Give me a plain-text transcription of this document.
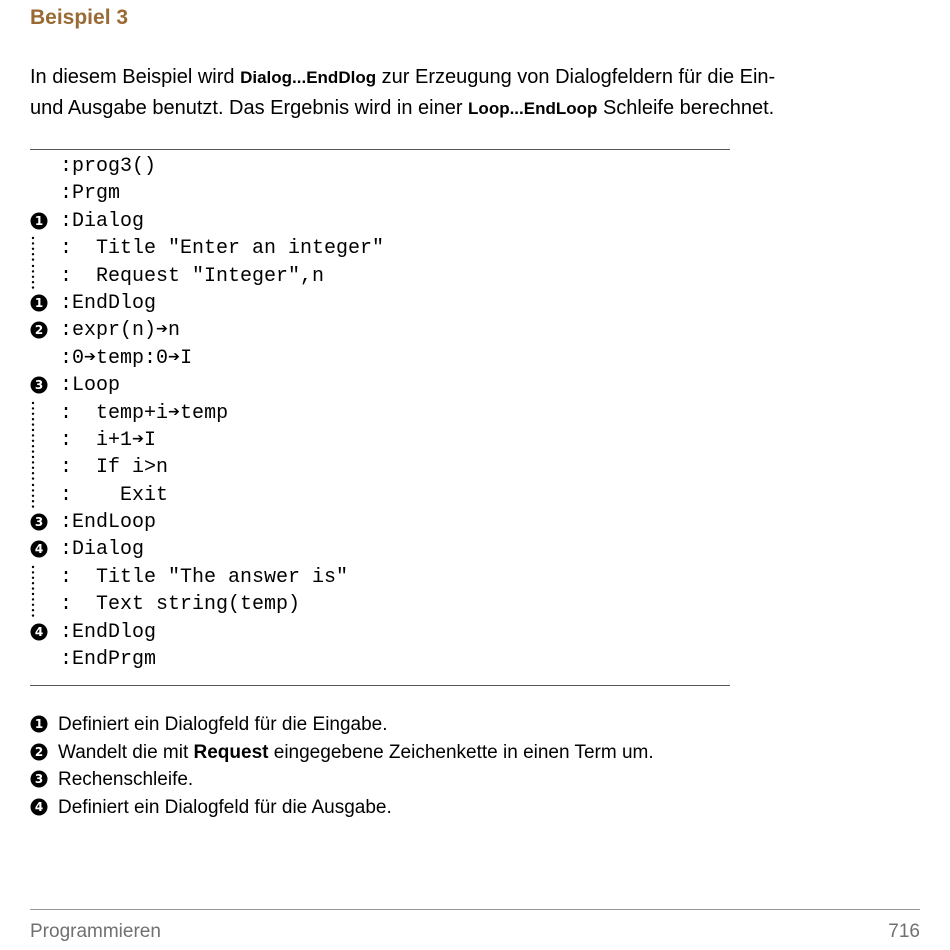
Beispiel 3
In diesem Beispiel wird Dialog...EndDlog zur Erzeugung von Dialogfeldern für die Ein-
und Ausgabe benutzt. Das Ergebnis wird in einer Loop...EndLoop Schleife berechnet.
:prog3()
:Prgm
1 :Dialog
:  Title "Enter an integer"
:  Request "Integer",n
1 :EndDlog
2 :expr(n)➔n
:0➔temp:0➔I
3 :Loop
:  temp+i➔temp
:  i+1➔I
:  If i>n
:    Exit
3 :EndLoop
4 :Dialog
:  Title "The answer is"
:  Text string(temp)
4 :EndDlog
:EndPrgm
1 Definiert ein Dialogfeld für die Eingabe.
2 Wandelt die mit Request eingegebene Zeichenkette in einen Term um.
3 Rechenschleife.
4 Definiert ein Dialogfeld für die Ausgabe.
Programmieren	716
